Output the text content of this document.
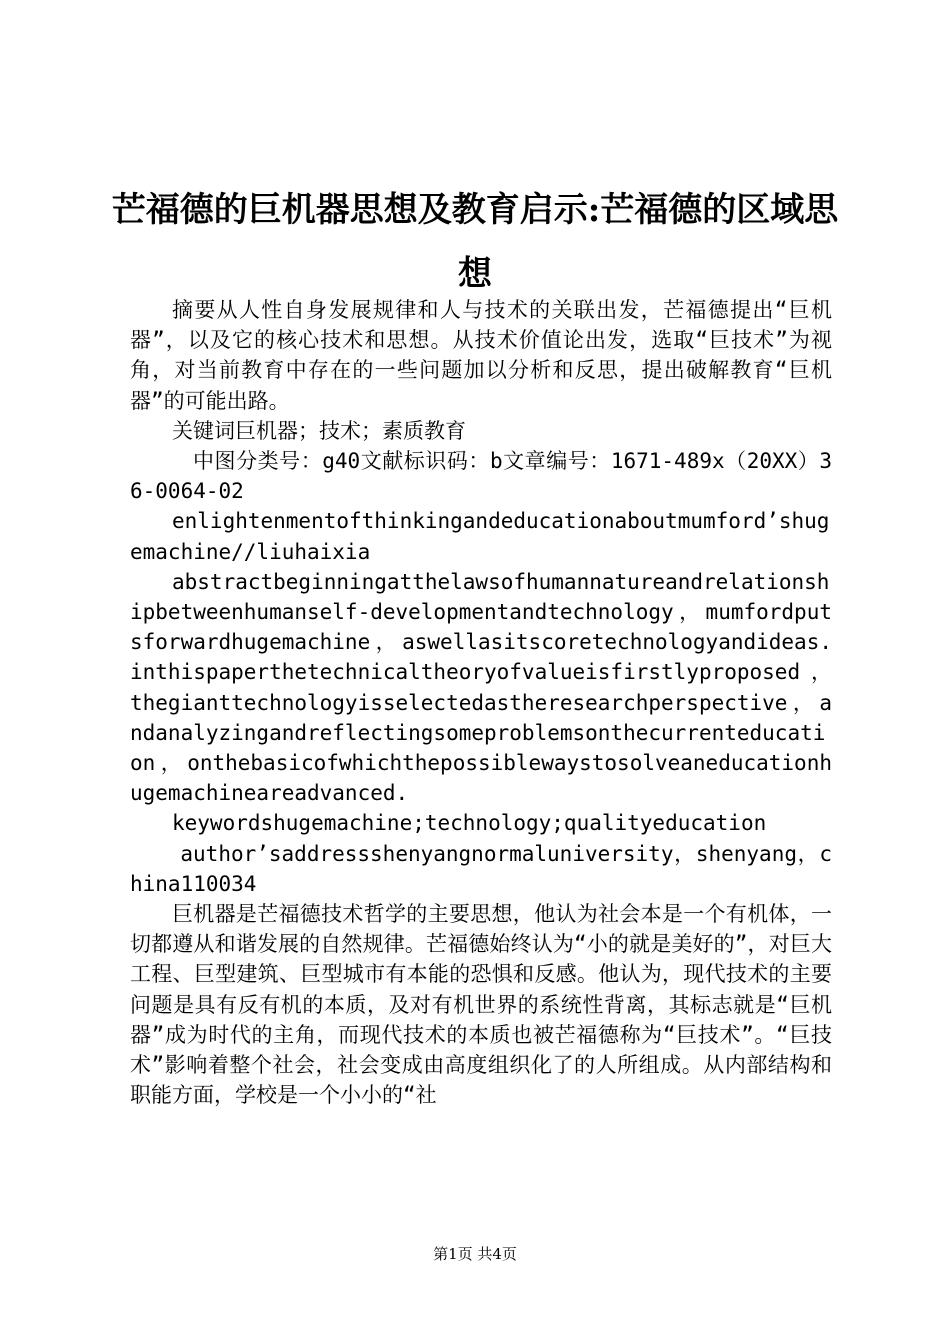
芒福德的巨机器思想及教育启示:芒福德的区域思想

摘要从人性自身发展规律和人与技术的关联出发，芒福德提出“巨机器”，以及它的核心技术和思想。从技术价值论出发，选取“巨技术”为视角，对当前教育中存在的一些问题加以分析和反思，提出破解教育“巨机器”的可能出路。

关键词巨机器；技术；素质教育

中图分类号：g40文献标识码：b文章编号：1671-489x（20XX）36-0064-02

enlightenmentofthinkingandeducationaboutmumford’shugemachine//liuhaixia

abstractbeginningatthelawsofhumannatureandrelationshipbetweenhumanself-developmentandtechnology，mumfordputsforwardhugemachine，aswellasitscoretechnologyandideas.inthispaperthetechnicaltheoryofvalueisfirstlyproposed，thegianttechnologyisselectedastheresearchperspective，andanalyzingandreflectingsomeproblemsonthecurrenteducation，onthebasicofwhichthepossiblewaystosolveaneducationhugemachineareadvanced.

keywordshugemachine;technology;qualityeducation

author’saddressshenyangnormaluniversity，shenyang，china110034

巨机器是芒福德技术哲学的主要思想，他认为社会本是一个有机体，一切都遵从和谐发展的自然规律。芒福德始终认为“小的就是美好的”，对巨大工程、巨型建筑、巨型城市有本能的恐惧和反感。他认为，现代技术的主要问题是具有反有机的本质，及对有机世界的系统性背离，其标志就是“巨机器”成为时代的主角，而现代技术的本质也被芒福德称为“巨技术”。“巨技术”影响着整个社会，社会变成由高度组织化了的人所组成。从内部结构和职能方面，学校是一个小小的“社

第1页 共4页
